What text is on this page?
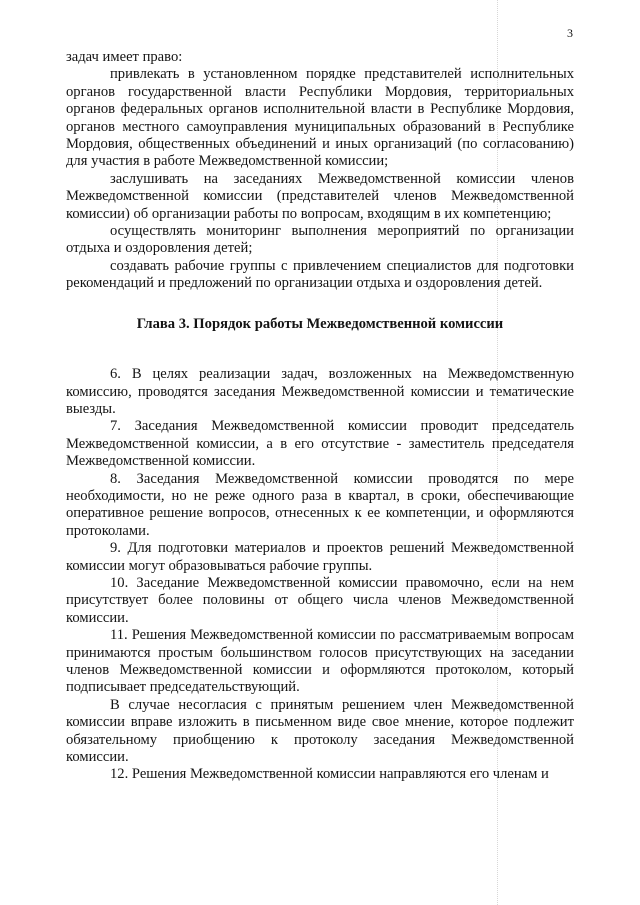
3

задач имеет право:

привлекать в установленном порядке представителей исполнительных органов государственной власти Республики Мордовия, территориальных органов федеральных органов исполнительной власти в Республике Мордовия, органов местного самоуправления муниципальных образований в Республике Мордовия, общественных объединений и иных организаций (по согласованию) для участия в работе Межведомственной комиссии;

заслушивать на заседаниях Межведомственной комиссии членов Межведомственной комиссии (представителей членов Межведомственной комиссии) об организации работы по вопросам, входящим в их компетенцию;

осуществлять мониторинг выполнения мероприятий по организации отдыха и оздоровления детей;

создавать рабочие группы с привлечением специалистов для подготовки рекомендаций и предложений по организации отдыха и оздоровления детей.

Глава 3. Порядок работы Межведомственной комиссии

6. В целях реализации задач, возложенных на Межведомственную комиссию, проводятся заседания Межведомственной комиссии и тематические выезды.

7. Заседания Межведомственной комиссии проводит председатель Межведомственной комиссии, а в его отсутствие - заместитель председателя Межведомственной комиссии.

8. Заседания Межведомственной комиссии проводятся по мере необходимости, но не реже одного раза в квартал, в сроки, обеспечивающие оперативное решение вопросов, отнесенных к ее компетенции, и оформляются протоколами.

9. Для подготовки материалов и проектов решений Межведомственной комиссии могут образовываться рабочие группы.

10. Заседание Межведомственной комиссии правомочно, если на нем присутствует более половины от общего числа членов Межведомственной комиссии.

11. Решения Межведомственной комиссии по рассматриваемым вопросам принимаются простым большинством голосов присутствующих на заседании членов Межведомственной комиссии и оформляются протоколом, который подписывает председательствующий.

В случае несогласия с принятым решением член Межведомственной комиссии вправе изложить в письменном виде свое мнение, которое подлежит обязательному приобщению к протоколу заседания Межведомственной комиссии.

12. Решения Межведомственной комиссии направляются его членам и
